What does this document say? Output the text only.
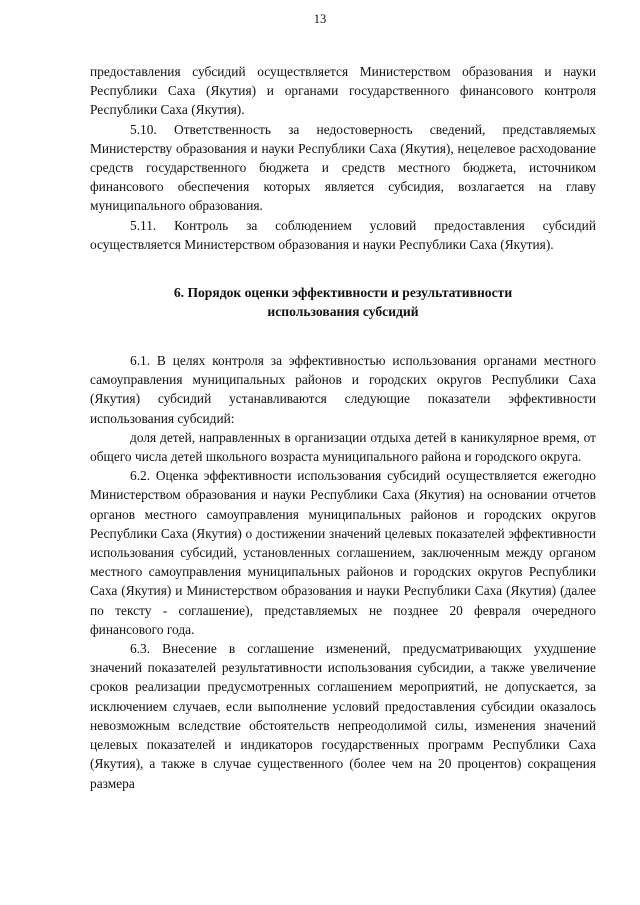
13

предоставления субсидий осуществляется Министерством образования и науки Республики Саха (Якутия) и органами государственного финансового контроля Республики Саха (Якутия).

5.10. Ответственность за недостоверность сведений, представляемых Министерству образования и науки Республики Саха (Якутия), нецелевое расходование средств государственного бюджета и средств местного бюджета, источником финансового обеспечения которых является субсидия, возлагается на главу муниципального образования.

5.11. Контроль за соблюдением условий предоставления субсидий осуществляется Министерством образования и науки Республики Саха (Якутия).

6. Порядок оценки эффективности и результативности
использования субсидий

6.1. В целях контроля за эффективностью использования органами местного самоуправления муниципальных районов и городских округов Республики Саха (Якутия) субсидий устанавливаются следующие показатели эффективности использования субсидий:

доля детей, направленных в организации отдыха детей в каникулярное время, от общего числа детей школьного возраста муниципального района и городского округа.

6.2. Оценка эффективности использования субсидий осуществляется ежегодно Министерством образования и науки Республики Саха (Якутия) на основании отчетов органов местного самоуправления муниципальных районов и городских округов Республики Саха (Якутия) о достижении значений целевых показателей эффективности использования субсидий, установленных соглашением, заключенным между органом местного самоуправления муниципальных районов и городских округов Республики Саха (Якутия) и Министерством образования и науки Республики Саха (Якутия) (далее по тексту - соглашение), представляемых не позднее 20 февраля очередного финансового года.

6.3. Внесение в соглашение изменений, предусматривающих ухудшение значений показателей результативности использования субсидии, а также увеличение сроков реализации предусмотренных соглашением мероприятий, не допускается, за исключением случаев, если выполнение условий предоставления субсидии оказалось невозможным вследствие обстоятельств непреодолимой силы, изменения значений целевых показателей и индикаторов государственных программ Республики Саха (Якутия), а также в случае существенного (более чем на 20 процентов) сокращения размера
